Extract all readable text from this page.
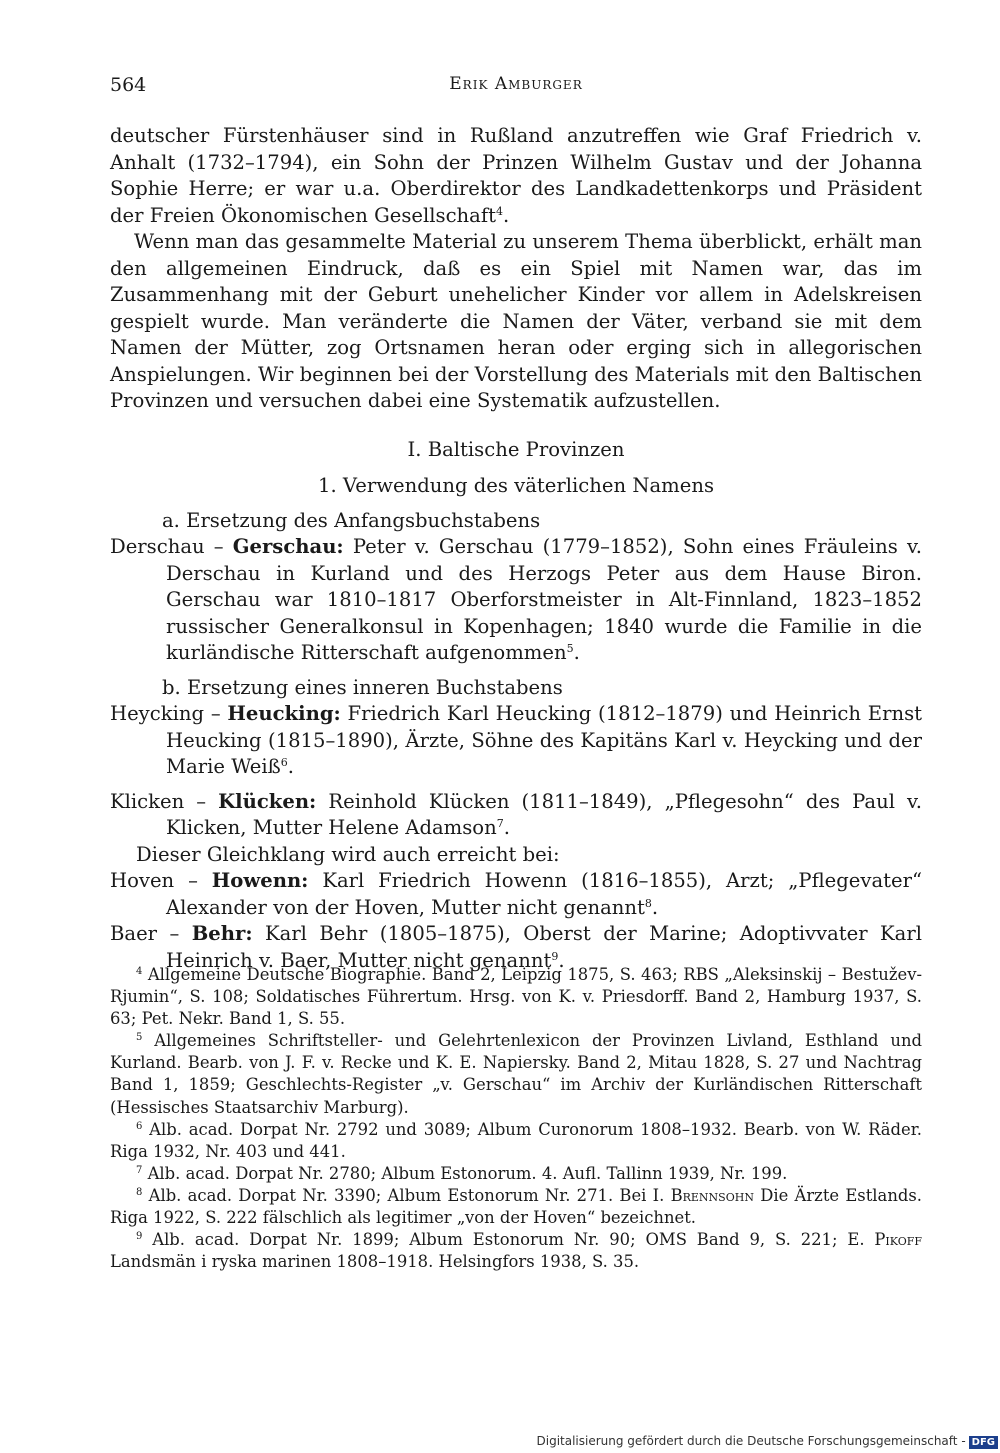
564	Erik Amburger

deutscher Fürstenhäuser sind in Rußland anzutreffen wie Graf Friedrich v. Anhalt (1732–1794), ein Sohn der Prinzen Wilhelm Gustav und der Johanna Sophie Herre; er war u.a. Oberdirektor des Landkadettenkorps und Präsident der Freien Ökonomischen Gesellschaft$^4$.

Wenn man das gesammelte Material zu unserem Thema überblickt, erhält man den allgemeinen Eindruck, daß es ein Spiel mit Namen war, das im Zusammenhang mit der Geburt unehelicher Kinder vor allem in Adelskreisen gespielt wurde. Man veränderte die Namen der Väter, verband sie mit dem Namen der Mütter, zog Ortsnamen heran oder erging sich in allegorischen Anspielungen. Wir beginnen bei der Vorstellung des Materials mit den Baltischen Provinzen und versuchen dabei eine Systematik aufzustellen.

I. Baltische Provinzen
1. Verwendung des väterlichen Namens

a. Ersetzung des Anfangsbuchstabens

Derschau – Gerschau: Peter v. Gerschau (1779–1852), Sohn eines Fräuleins v. Derschau in Kurland und des Herzogs Peter aus dem Hause Biron. Gerschau war 1810–1817 Oberforstmeister in Alt-Finnland, 1823–1852 russischer Generalkonsul in Kopenhagen; 1840 wurde die Familie in die kurländische Ritterschaft aufgenommen$^5$.

b. Ersetzung eines inneren Buchstabens

Heycking – Heucking: Friedrich Karl Heucking (1812–1879) und Heinrich Ernst Heucking (1815–1890), Ärzte, Söhne des Kapitäns Karl v. Heycking und der Marie Weiß$^6$.

Klicken – Klücken: Reinhold Klücken (1811–1849), „Pflegesohn“ des Paul v. Klicken, Mutter Helene Adamson$^7$.

Dieser Gleichklang wird auch erreicht bei:

Hoven – Howenn: Karl Friedrich Howenn (1816–1855), Arzt; „Pflegevater“ Alexander von der Hoven, Mutter nicht genannt$^8$.

Baer – Behr: Karl Behr (1805–1875), Oberst der Marine; Adoptivvater Karl Heinrich v. Baer, Mutter nicht genannt$^9$.

$^4$ Allgemeine Deutsche Biographie. Band 2, Leipzig 1875, S. 463; RBS „Aleksinskij – Bestužev-Rjumin“, S. 108; Soldatisches Führertum. Hrsg. von K. v. Priesdorff. Band 2, Hamburg 1937, S. 63; Pet. Nekr. Band 1, S. 55.

$^5$ Allgemeines Schriftsteller- und Gelehrtenlexicon der Provinzen Livland, Esthland und Kurland. Bearb. von J. F. v. Recke und K. E. Napiersky. Band 2, Mitau 1828, S. 27 und Nachtrag Band 1, 1859; Geschlechts-Register „v. Gerschau“ im Archiv der Kurländischen Ritterschaft (Hessisches Staatsarchiv Marburg).

$^6$ Alb. acad. Dorpat Nr. 2792 und 3089; Album Curonorum 1808–1932. Bearb. von W. Räder. Riga 1932, Nr. 403 und 441.

$^7$ Alb. acad. Dorpat Nr. 2780; Album Estonorum. 4. Aufl. Tallinn 1939, Nr. 199.

$^8$ Alb. acad. Dorpat Nr. 3390; Album Estonorum Nr. 271. Bei I. Brennsohn Die Ärzte Estlands. Riga 1922, S. 222 fälschlich als legitimer „von der Hoven“ bezeichnet.

$^9$ Alb. acad. Dorpat Nr. 1899; Album Estonorum Nr. 90; OMS Band 9, S. 221; E. Pikoff Landsmän i ryska marinen 1808–1918. Helsingfors 1938, S. 35.

Digitalisierung gefördert durch die Deutsche Forschungsgemeinschaft - DFG
